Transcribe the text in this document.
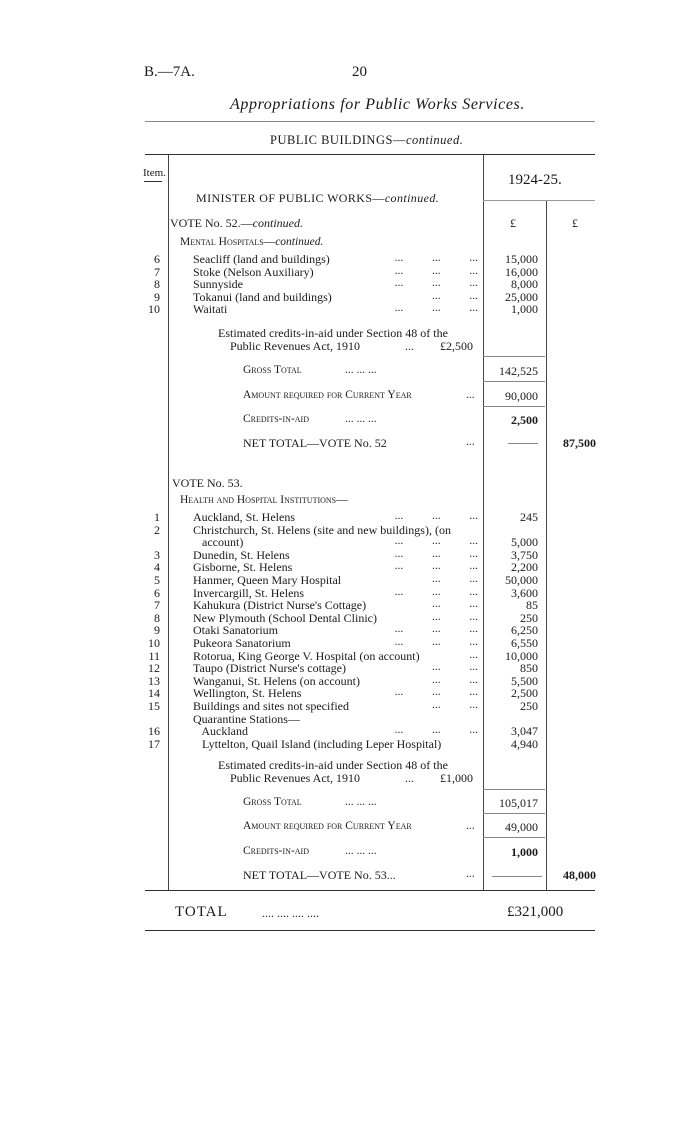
B.—7A.	20
Appropriations for Public Works Services.
PUBLIC BUILDINGS—continued.
Item.	1924-25.
£	£
MINISTER OF PUBLIC WORKS—continued.
VOTE No. 52.—continued.
Mental Hospitals—continued.
6	Seacliff (land and buildings)	...          ...          ...	15,000
7	Stoke (Nelson Auxiliary)	...          ...          ...	16,000
8	Sunnyside	...          ...          ...	8,000
9	Tokanui (land and buildings)	...          ...	25,000
10	Waitati	...          ...          ...	1,000
Estimated credits-in-aid under Section 48 of the
Public Revenues Act, 1910	... £2,500
Gross Total	... ... ...	142,525
Amount required for Current Year	...	90,000
Credits-in-aid	... ... ...	2,500
NET TOTAL—VOTE No. 52	...	87,500
VOTE No. 53.
Health and Hospital Institutions—
1	Auckland, St. Helens	...          ...          ...	245
2	Christchurch, St. Helens (site and new buildings), (on
account)	...          ...          ...	5,000
3	Dunedin, St. Helens	...          ...          ...	3,750
4	Gisborne, St. Helens	...          ...          ...	2,200
5	Hanmer, Queen Mary Hospital	...          ...	50,000
6	Invercargill, St. Helens	...          ...          ...	3,600
7	Kahukura (District Nurse's Cottage)	...          ...	85
8	New Plymouth (School Dental Clinic)	...          ...	250
9	Otaki Sanatorium	...          ...          ...	6,250
10	Pukeora Sanatorium	...          ...          ...	6,550
11	Rotorua, King George V. Hospital (on account)	...	10,000
12	Taupo (District Nurse's cottage)	...          ...	850
13	Wanganui, St. Helens (on account)	...          ...	5,500
14	Wellington, St. Helens	...          ...          ...	2,500
15	Buildings and sites not specified	...          ...	250
Quarantine Stations—
16	Auckland	...          ...          ...	3,047
17	Lyttelton, Quail Island (including Leper Hospital)	4,940
Estimated credits-in-aid under Section 48 of the
Public Revenues Act, 1910	... £1,000
Gross Total	... ... ...	105,017
Amount required for Current Year	...	49,000
Credits-in-aid	... ... ...	1,000
NET TOTAL—VOTE No. 53...	...	48,000
TOTAL	.... .... .... ....	£321,000
